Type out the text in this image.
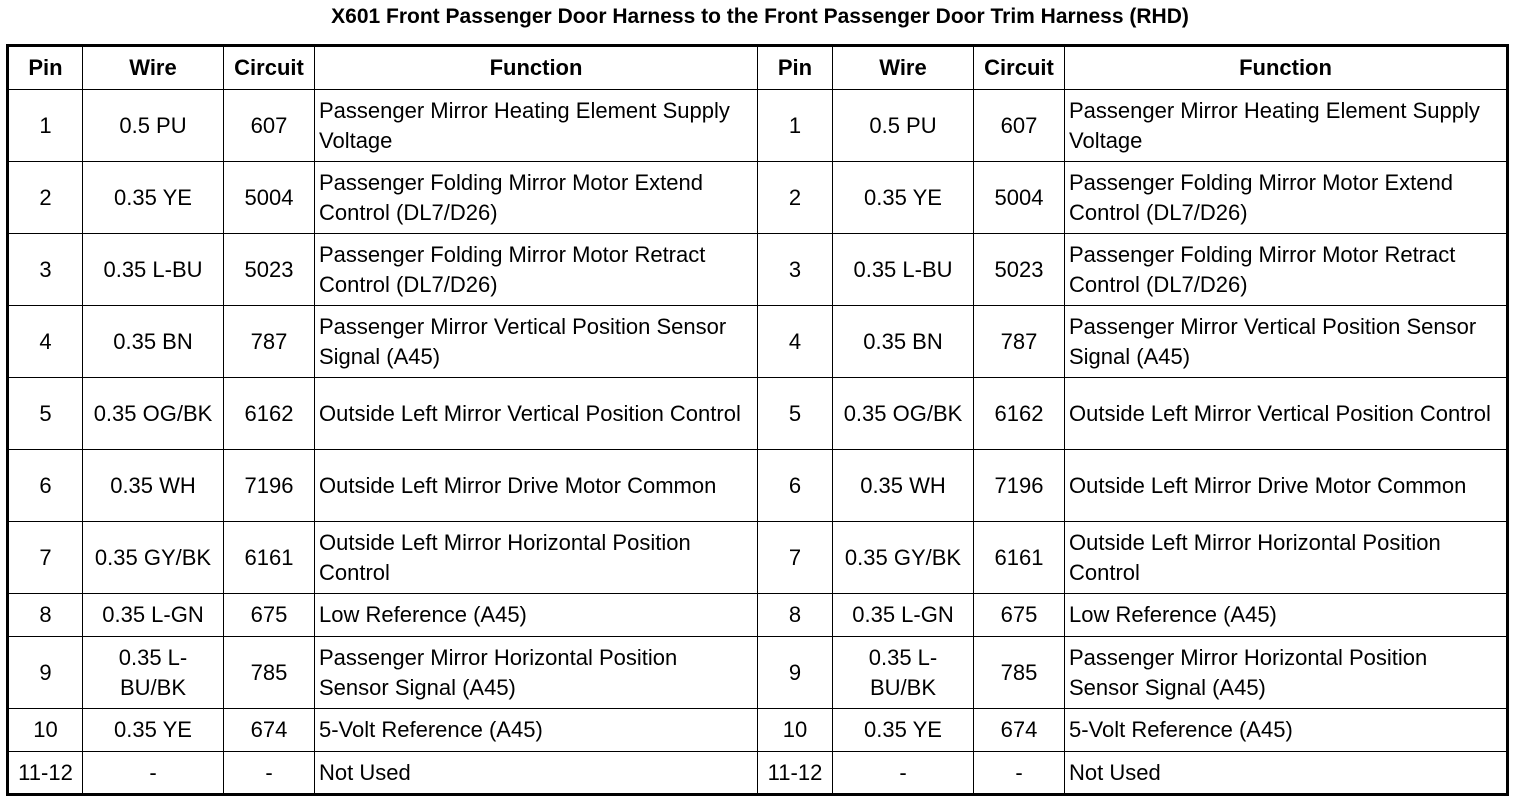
X601 Front Passenger Door Harness to the Front Passenger Door Trim Harness (RHD)
Pin	Wire	Circuit	Function	Pin	Wire	Circuit	Function
1	0.5 PU	607	Passenger Mirror Heating Element Supply Voltage	1	0.5 PU	607	Passenger Mirror Heating Element Supply Voltage
2	0.35 YE	5004	Passenger Folding Mirror Motor Extend Control (DL7/D26)	2	0.35 YE	5004	Passenger Folding Mirror Motor Extend Control (DL7/D26)
3	0.35 L-BU	5023	Passenger Folding Mirror Motor Retract Control (DL7/D26)	3	0.35 L-BU	5023	Passenger Folding Mirror Motor Retract Control (DL7/D26)
4	0.35 BN	787	Passenger Mirror Vertical Position Sensor Signal (A45)	4	0.35 BN	787	Passenger Mirror Vertical Position Sensor Signal (A45)
5	0.35 OG/BK	6162	Outside Left Mirror Vertical Position Control	5	0.35 OG/BK	6162	Outside Left Mirror Vertical Position Control
6	0.35 WH	7196	Outside Left Mirror Drive Motor Common	6	0.35 WH	7196	Outside Left Mirror Drive Motor Common
7	0.35 GY/BK	6161	Outside Left Mirror Horizontal Position Control	7	0.35 GY/BK	6161	Outside Left Mirror Horizontal Position Control
8	0.35 L-GN	675	Low Reference (A45)	8	0.35 L-GN	675	Low Reference (A45)
9	0.35 L-BU/BK	785	Passenger Mirror Horizontal Position Sensor Signal (A45)	9	0.35 L-BU/BK	785	Passenger Mirror Horizontal Position Sensor Signal (A45)
10	0.35 YE	674	5-Volt Reference (A45)	10	0.35 YE	674	5-Volt Reference (A45)
11-12	-	-	Not Used	11-12	-	-	Not Used
